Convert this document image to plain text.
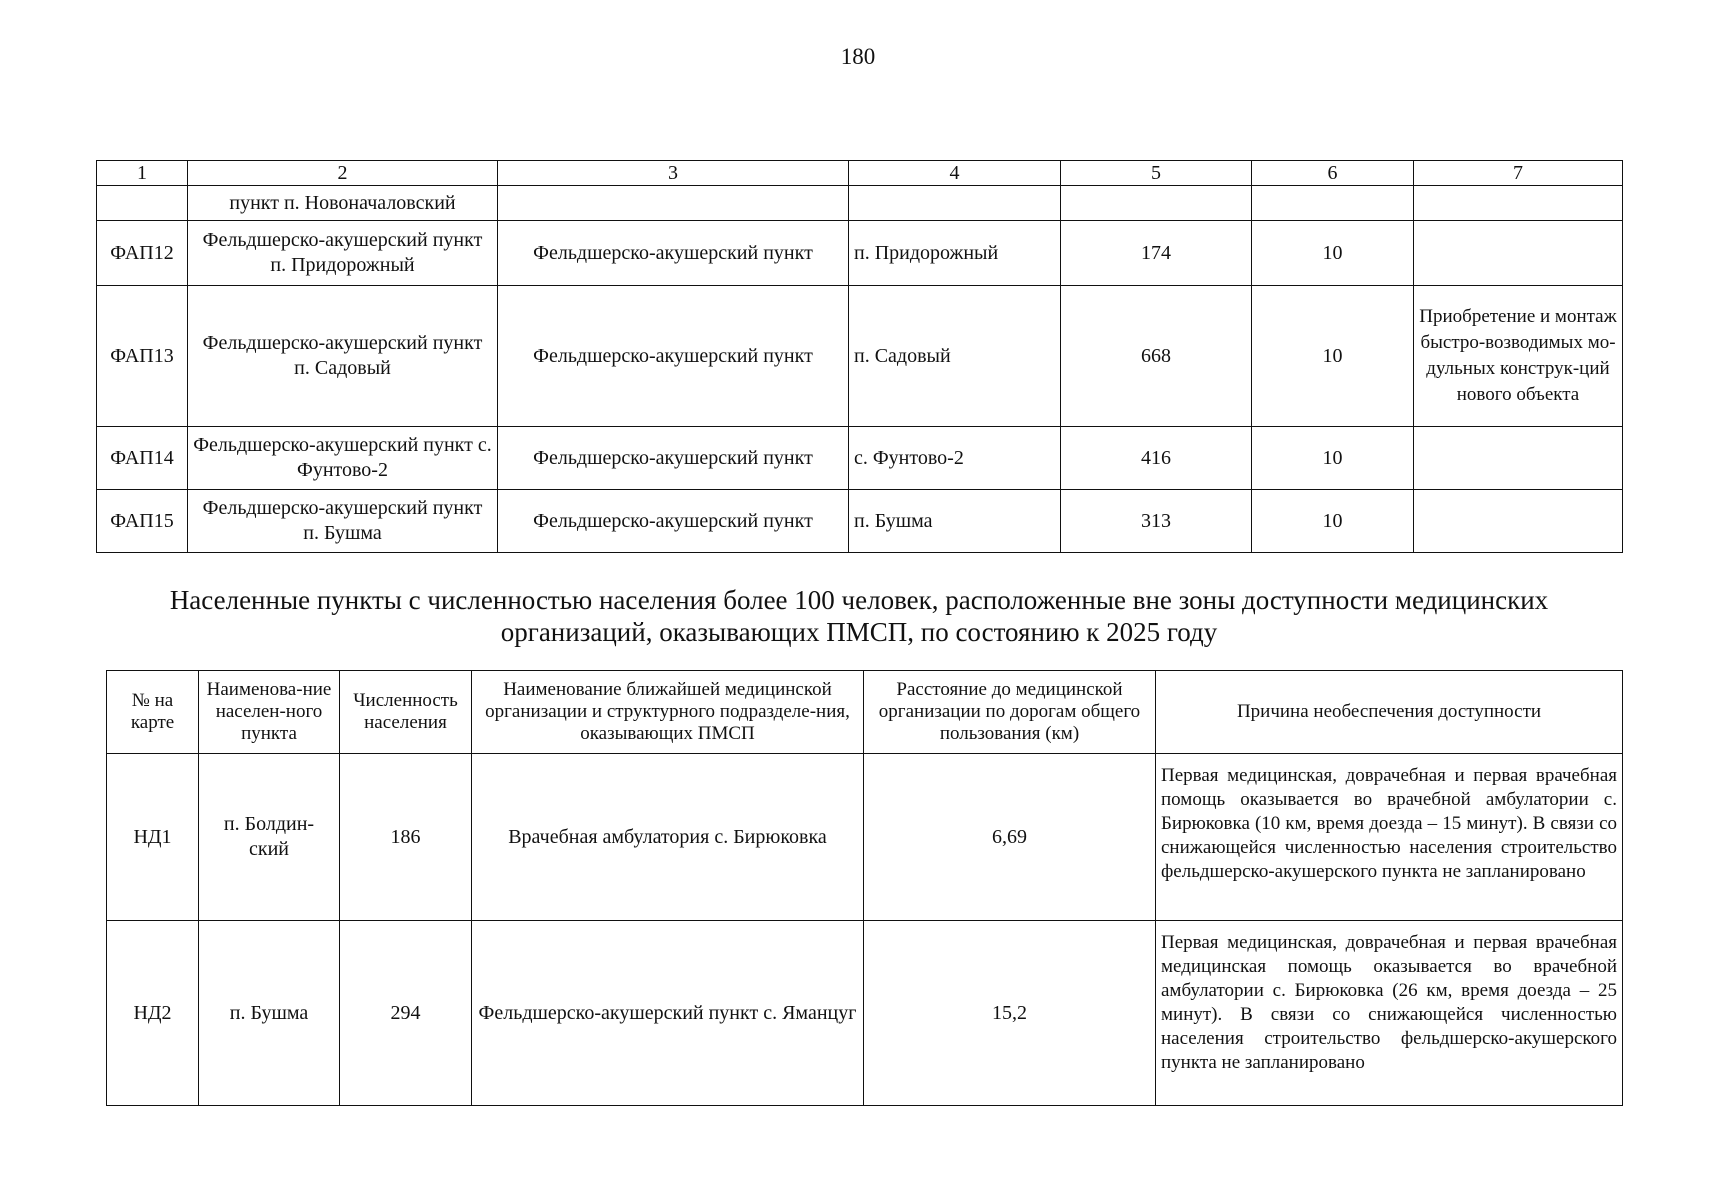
180
1	2	3	4	5	6	7
	пункт п. Новоначаловский					
ФАП12	Фельдшерско-акушерский пункт п. Придорожный	Фельдшерско-акушерский пункт	п. Придорожный	174	10	
ФАП13	Фельдшерско-акушерский пункт п. Садовый	Фельдшерско-акушерский пункт	п. Садовый	668	10	Приобретение и монтаж быстро-возводимых мо-дульных конструк-ций нового объекта
ФАП14	Фельдшерско-акушерский пункт с. Фунтово-2	Фельдшерско-акушерский пункт	с. Фунтово-2	416	10	
ФАП15	Фельдшерско-акушерский пункт п. Бушма	Фельдшерско-акушерский пункт	п. Бушма	313	10	
Населенные пункты с численностью населения более 100 человек, расположенные вне зоны доступности медицинских организаций, оказывающих ПМСП, по состоянию к 2025 году
№ на карте	Наименова-ние населен-ного пункта	Численность населения	Наименование ближайшей медицинской организации и структурного подразделе-ния, оказывающих ПМСП	Расстояние до медицинской организации по дорогам общего пользования (км)	Причина необеспечения доступности
НД1	п. Болдин-ский	186	Врачебная амбулатория с. Бирюковка	6,69	Первая медицинская, доврачебная и первая врачебная помощь оказывается во врачебной амбулатории с. Бирюковка (10 км, время доезда – 15 минут). В связи со снижающейся численностью населения строительство фельдшерско-акушерского пункта не запланировано
НД2	п. Бушма	294	Фельдшерско-акушерский пункт с. Яманцуг	15,2	Первая медицинская, доврачебная и первая врачебная медицинская помощь оказывается во врачебной амбулатории с. Бирюковка (26 км, время доезда – 25 минут). В связи со снижающейся численностью населения строительство фельдшерско-акушерского пункта не запланировано
